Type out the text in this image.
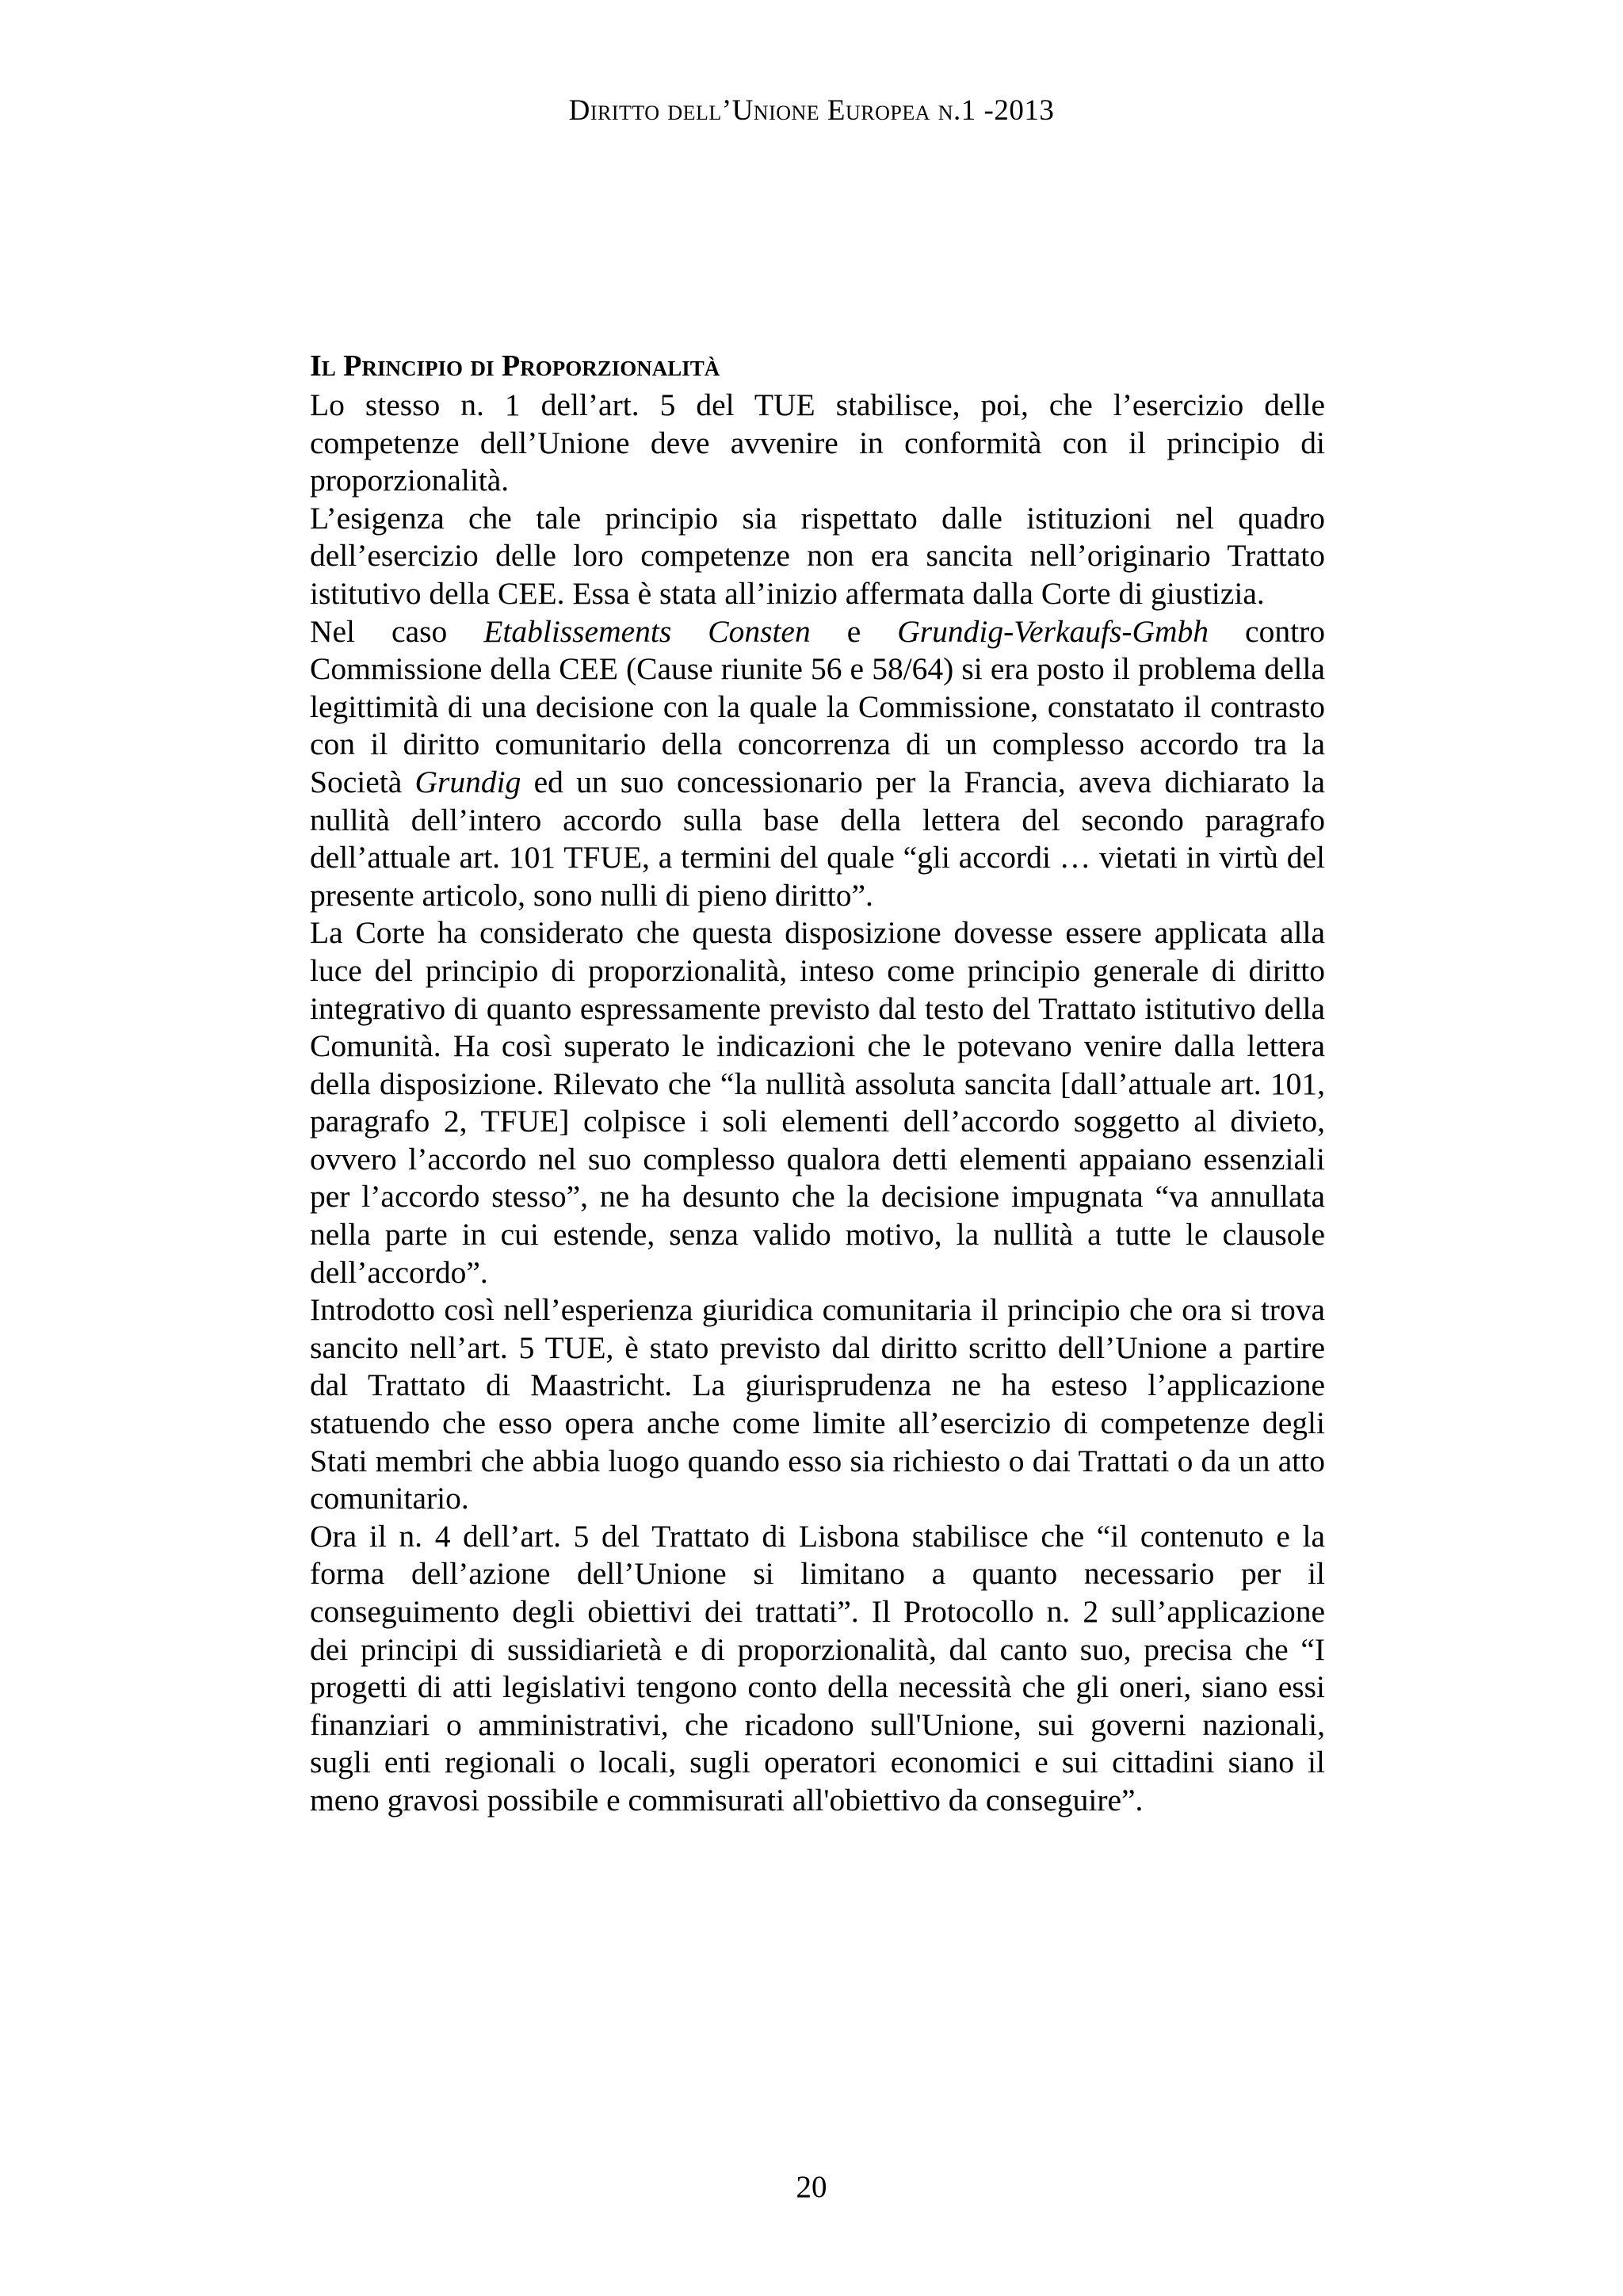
Diritto dell’Unione Europea n.1 -2013
Il Principio di Proporzionalità

Lo stesso n. 1 dell’art. 5 del TUE stabilisce, poi, che l’esercizio delle competenze dell’Unione deve avvenire in conformità con il principio di proporzionalità.

L’esigenza che tale principio sia rispettato dalle istituzioni nel quadro dell’esercizio delle loro competenze non era sancita nell’originario Trattato istitutivo della CEE. Essa è stata all’inizio affermata dalla Corte di giustizia.

Nel caso Etablissements Consten e Grundig-Verkaufs-Gmbh contro Commissione della CEE (Cause riunite 56 e 58/64) si era posto il problema della legittimità di una decisione con la quale la Commissione, constatato il contrasto con il diritto comunitario della concorrenza di un complesso accordo tra la Società Grundig ed un suo concessionario per la Francia, aveva dichiarato la nullità dell’intero accordo sulla base della lettera del secondo paragrafo dell’attuale art. 101 TFUE, a termini del quale “gli accordi … vietati in virtù del presente articolo, sono nulli di pieno diritto”.

La Corte ha considerato che questa disposizione dovesse essere applicata alla luce del principio di proporzionalità, inteso come principio generale di diritto integrativo di quanto espressamente previsto dal testo del Trattato istitutivo della Comunità. Ha così superato le indicazioni che le potevano venire dalla lettera della disposizione. Rilevato che “la nullità assoluta sancita [dall’attuale art. 101, paragrafo 2, TFUE] colpisce i soli elementi dell’accordo soggetto al divieto, ovvero l’accordo nel suo complesso qualora detti elementi appaiano essenziali per l’accordo stesso”, ne ha desunto che la decisione impugnata “va annullata nella parte in cui estende, senza valido motivo, la nullità a tutte le clausole dell’accordo”.

Introdotto così nell’esperienza giuridica comunitaria il principio che ora si trova sancito nell’art. 5 TUE, è stato previsto dal diritto scritto dell’Unione a partire dal Trattato di Maastricht. La giurisprudenza ne ha esteso l’applicazione statuendo che esso opera anche come limite all’esercizio di competenze degli Stati membri che abbia luogo quando esso sia richiesto o dai Trattati o da un atto comunitario.

Ora il n. 4 dell’art. 5 del Trattato di Lisbona stabilisce che “il contenuto e la forma dell’azione dell’Unione si limitano a quanto necessario per il conseguimento degli obiettivi dei trattati”. Il Protocollo n. 2 sull’applicazione dei principi di sussidiarietà e di proporzionalità, dal canto suo, precisa che “I progetti di atti legislativi tengono conto della necessità che gli oneri, siano essi finanziari o amministrativi, che ricadono sull'Unione, sui governi nazionali, sugli enti regionali o locali, sugli operatori economici e sui cittadini siano il meno gravosi possibile e commisurati all'obiettivo da conseguire”.

20
